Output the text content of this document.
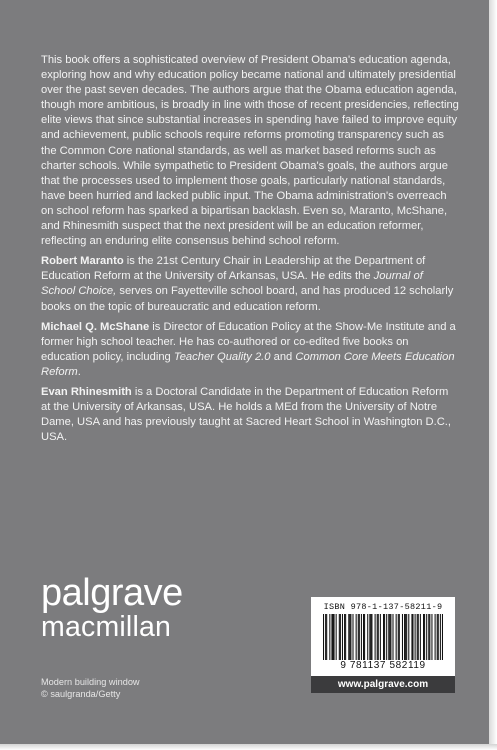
This book offers a sophisticated overview of President Obama's education agenda, exploring how and why education policy became national and ultimately presidential over the past seven decades. The authors argue that the Obama education agenda, though more ambitious, is broadly in line with those of recent presidencies, reflecting elite views that since substantial increases in spending have failed to improve equity and achievement, public schools require reforms promoting transparency such as the Common Core national standards, as well as market based reforms such as charter schools. While sympathetic to President Obama's goals, the authors argue that the processes used to implement those goals, particularly national standards, have been hurried and lacked public input. The Obama administration's overreach on school reform has sparked a bipartisan backlash. Even so, Maranto, McShane, and Rhinesmith suspect that the next president will be an education reformer, reflecting an enduring elite consensus behind school reform.

Robert Maranto is the 21st Century Chair in Leadership at the Department of Education Reform at the University of Arkansas, USA. He edits the Journal of School Choice, serves on Fayetteville school board, and has produced 12 scholarly books on the topic of bureaucratic and education reform.

Michael Q. McShane is Director of Education Policy at the Show-Me Institute and a former high school teacher. He has co-authored or co-edited five books on education policy, including Teacher Quality 2.0 and Common Core Meets Education Reform.

Evan Rhinesmith is a Doctoral Candidate in the Department of Education Reform at the University of Arkansas, USA. He holds a MEd from the University of Notre Dame, USA and has previously taught at Sacred Heart School in Washington D.C., USA.

palgrave
macmillan
Modern building window
© saulgranda/Getty
ISBN 978-1-137-58211-9
9 781137 582119
www.palgrave.com
